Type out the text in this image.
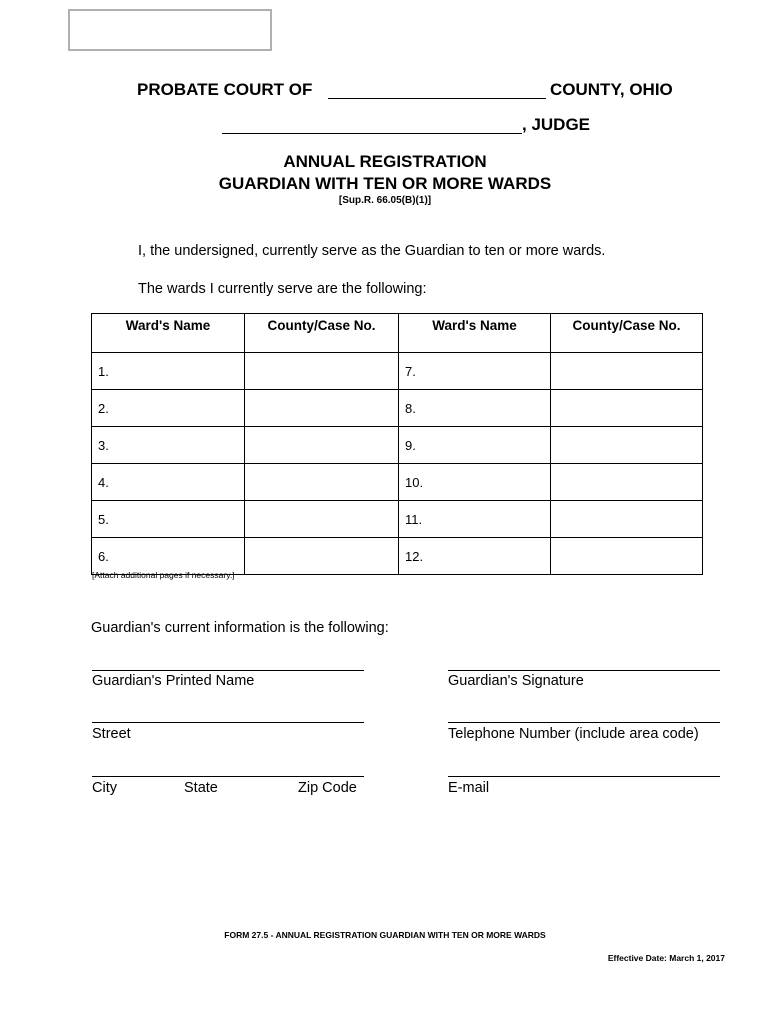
PROBATE COURT OF	COUNTY, OHIO
, JUDGE
ANNUAL REGISTRATION
GUARDIAN WITH TEN OR MORE WARDS
[Sup.R. 66.05(B)(1)]
I, the undersigned, currently serve as the Guardian to ten or more wards.
The wards I currently serve are the following:
Ward's Name	County/Case No.	Ward's Name	County/Case No.
1.		7.	
2.		8.	
3.		9.	
4.		10.	
5.		11.	
6.		12.	
[Attach additional pages if necessary.]
Guardian's current information is the following:
Guardian's Printed Name	Guardian's Signature
Street	Telephone Number (include area code)
City	State	Zip Code	E-mail
FORM 27.5 - ANNUAL REGISTRATION GUARDIAN WITH TEN OR MORE WARDS
Effective Date: March 1, 2017
